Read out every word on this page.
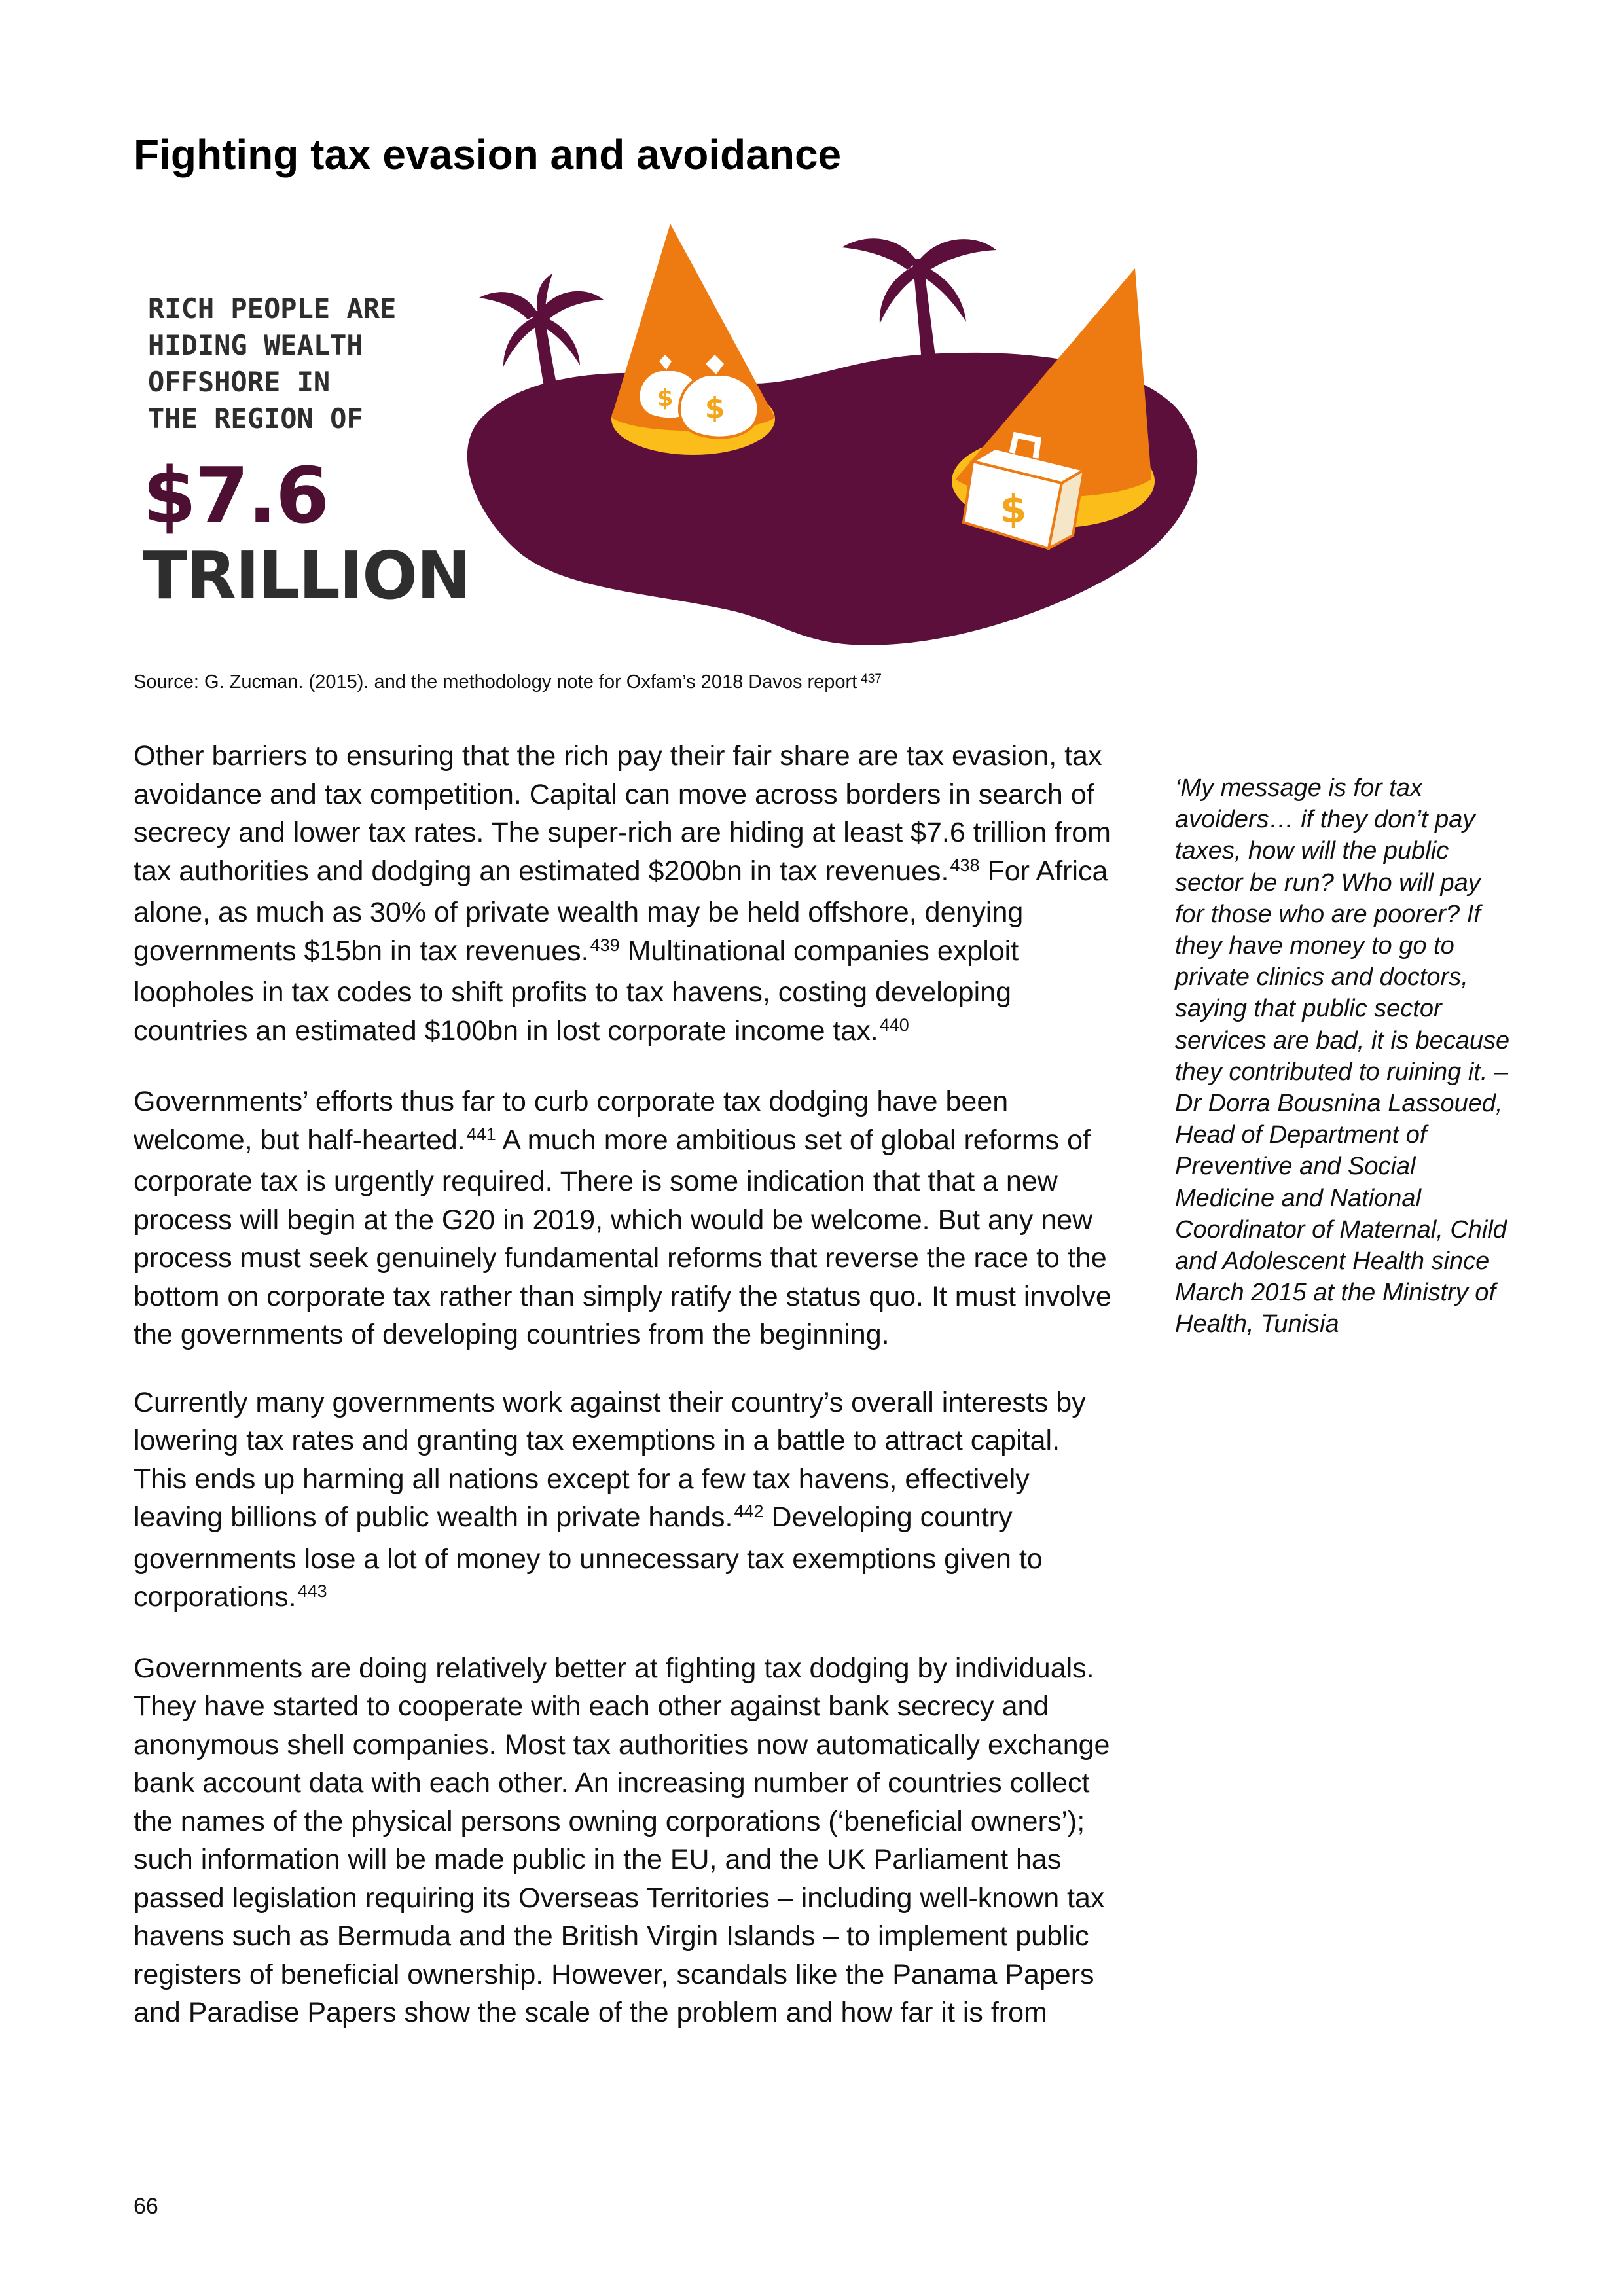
Fighting tax evasion and avoidance
$ $
$
RICH PEOPLE ARE
HIDING WEALTH
OFFSHORE IN
THE REGION OF
$7.6
TRILLION
Source: G. Zucman. (2015). and the methodology note for Oxfam’s 2018 Davos report $^{437}$

Other barriers to ensuring that the rich pay their fair share are tax evasion, tax avoidance and tax competition. Capital can move across borders in search of secrecy and lower tax rates. The super-rich are hiding at least $7.6 trillion from tax authorities and dodging an estimated $200bn in tax revenues.$^{438}$ For Africa alone, as much as 30% of private wealth may be held offshore, denying governments $15bn in tax revenues.$^{439}$ Multinational companies exploit loopholes in tax codes to shift profits to tax havens, costing developing countries an estimated $100bn in lost corporate income tax.$^{440}$

Governments’ efforts thus far to curb corporate tax dodging have been welcome, but half-hearted.$^{441}$ A much more ambitious set of global reforms of corporate tax is urgently required. There is some indication that that a new process will begin at the G20 in 2019, which would be welcome. But any new process must seek genuinely fundamental reforms that reverse the race to the bottom on corporate tax rather than simply ratify the status quo. It must involve the governments of developing countries from the beginning.

Currently many governments work against their country’s overall interests by lowering tax rates and granting tax exemptions in a battle to attract capital. This ends up harming all nations except for a few tax havens, effectively leaving billions of public wealth in private hands.$^{442}$ Developing country governments lose a lot of money to unnecessary tax exemptions given to corporations.$^{443}$

Governments are doing relatively better at fighting tax dodging by individuals. They have started to cooperate with each other against bank secrecy and anonymous shell companies. Most tax authorities now automatically exchange bank account data with each other. An increasing number of countries collect the names of the physical persons owning corporations (‘beneficial owners’); such information will be made public in the EU, and the UK Parliament has passed legislation requiring its Overseas Territories – including well-known tax havens such as Bermuda and the British Virgin Islands – to implement public registers of beneficial ownership. However, scandals like the Panama Papers and Paradise Papers show the scale of the problem and how far it is from

‘My message is for tax avoiders… if they don’t pay taxes, how will the public sector be run? Who will pay for those who are poorer? If they have money to go to private clinics and doctors, saying that public sector services are bad, it is because they contributed to ruining it. – Dr Dorra Bousnina Lassoued, Head of Department of Preventive and Social Medicine and National Coordinator of Maternal, Child and Adolescent Health since March 2015 at the Ministry of Health, Tunisia

66
